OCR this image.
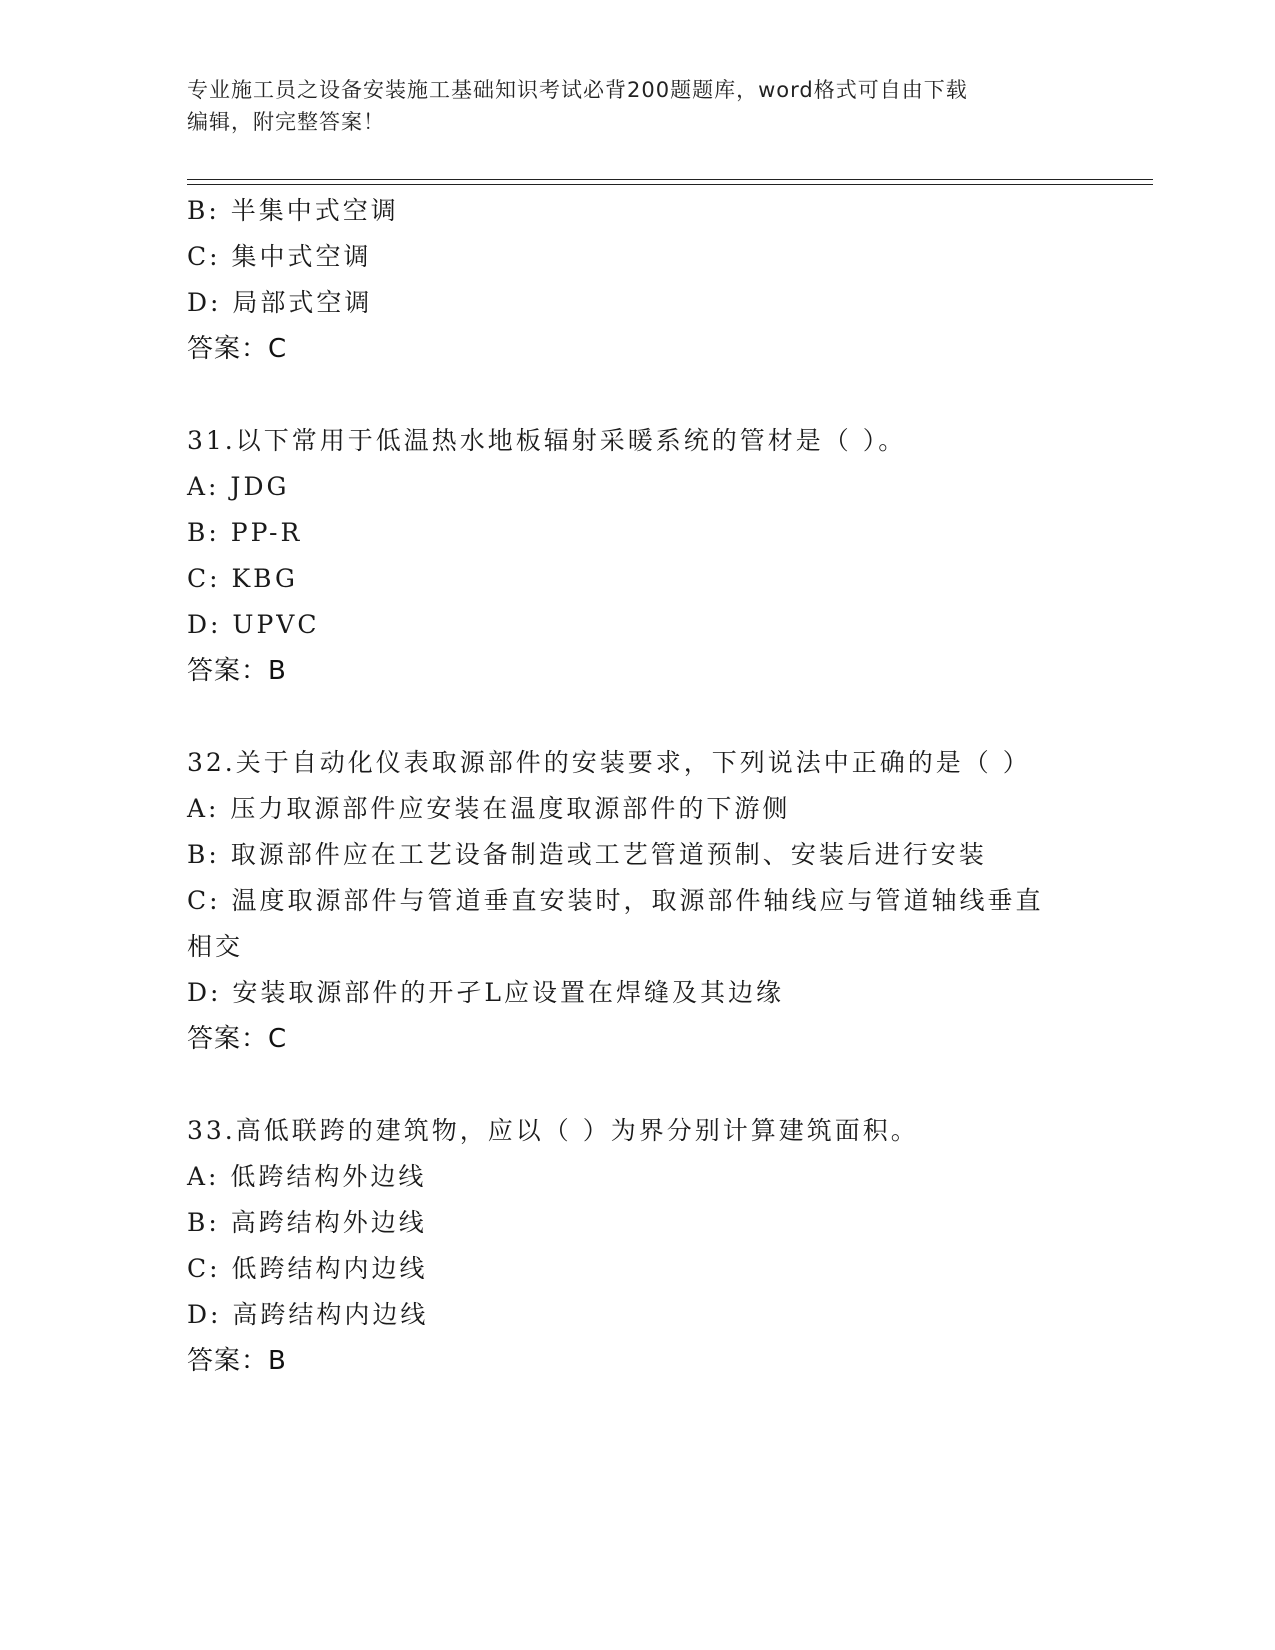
专业施工员之设备安装施工基础知识考试必背200题题库，word格式可自由下载
编辑，附完整答案！
B: 半集中式空调
C: 集中式空调
D: 局部式空调
答案：C
31.以下常用于低温热水地板辐射采暖系统的管材是（ ）。
A: JDG
B: PP-R
C: KBG
D: UPVC
答案：B
32.关于自动化仪表取源部件的安装要求，下列说法中正确的是（ ）
A: 压力取源部件应安装在温度取源部件的下游侧
B: 取源部件应在工艺设备制造或工艺管道预制、安装后进行安装
C: 温度取源部件与管道垂直安装时，取源部件轴线应与管道轴线垂直
相交
D: 安装取源部件的开孑L应设置在焊缝及其边缘
答案：C
33.高低联跨的建筑物，应以（ ）为界分别计算建筑面积。
A: 低跨结构外边线
B: 高跨结构外边线
C: 低跨结构内边线
D: 高跨结构内边线
答案：B
